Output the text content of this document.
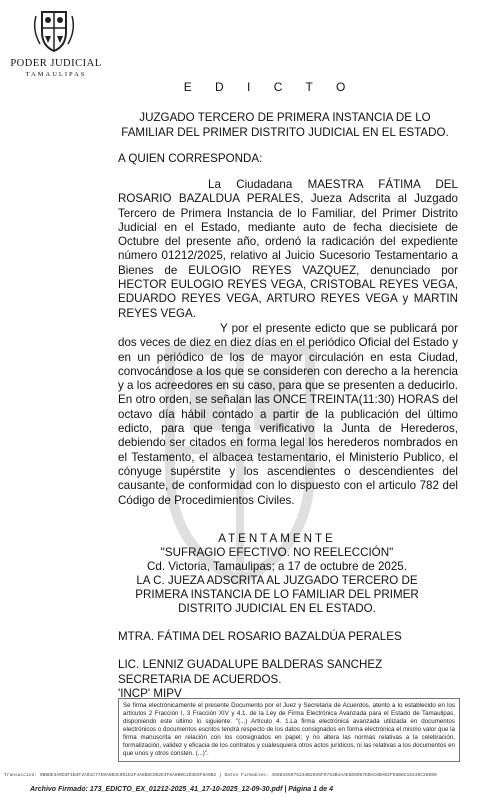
PODER JUDICIAL
TAMAULIPAS
E D I C T O
JUZGADO TERCERO DE PRIMERA INSTANCIA DE LO
FAMILIAR DEL PRIMER DISTRITO JUDICIAL EN EL ESTADO.
A QUIEN CORRESPONDA:
La Ciudadana MAESTRA FÁTIMA DEL ROSARIO BAZALDUA PERALES, Jueza Adscrita al Juzgado Tercero de Primera Instancia de lo Familiar, del Primer Distrito Judicial en el Estado, mediante auto de fecha diecisiete de Octubre del presente año, ordenó la radicación del expediente número 01212/2025, relativo al Juicio Sucesorio Testamentario a Bienes de EULOGIO REYES VAZQUEZ, denunciado por HECTOR EULOGIO REYES VEGA, CRISTOBAL REYES VEGA, EDUARDO REYES VEGA, ARTURO REYES VEGA y MARTIN REYES VEGA.
Y por el presente edicto que se publicará por dos veces de diez en diez días en el periódico Oficial del Estado y en un periódico de los de mayor circulación en esta Ciudad, convocándose a los que se consideren con derecho a la herencia y a los acreedores en su caso, para que se presenten a deducirlo. En otro orden, se señalan las ONCE TREINTA(11:30) HORAS del octavo día hábil contado a partir de la publicación del último edicto, para que tenga verificativo la Junta de Herederos, debiendo ser citados en forma legal los herederos nombrados en el Testamento, el albacea testamentario, el Ministerio Publico, el cónyuge supérstite y los ascendientes o descendientes del causante, de conformidad con lo dispuesto con el articulo 782 del Código de Procedimientos Civiles.
ATENTAMENTE
"SUFRAGIO EFECTIVO. NO REELECCIÓN"
Cd. Victoria, Tamaulipas; a 17 de octubre de 2025.
LA C. JUEZA ADSCRITA AL JUZGADO TERCERO DE
PRIMERA INSTANCIA DE LO FAMILIAR DEL PRIMER
DISTRITO JUDICIAL EN EL ESTADO.
MTRA. FÁTIMA DEL ROSARIO BAZALDÚA PERALES
LIC. LENNIZ GUADALUPE BALDERAS SANCHEZ
SECRETARIA DE ACUERDOS.
'INCP' MIPV
Se firma electrónicamente el presente Documento por el Juez y Secretaria de Acuerdos, atento a lo establecido en los artículos 2 Fracción I, 3 Fracción XIV y 4.1. de la Ley de Firma Electrónica Avanzada para el Estado de Tamaulipas, disponiendo este último lo siguiente: "(...) Artículo 4. 1.La firma electrónica avanzada utilizada en documentos electrónicos o documentos escritos tendrá respecto de los datos consignados en forma electrónica el mismo valor que la firma manuscrita en relación con los consignados en papel; y no altera las normas relativas a la celebración, formalización, validez y eficacia de los contratos y cualesquiera otros actos jurídicos, ni las relativas a los documentos en que unos y otros consten. (...)".
Transacción: 9B8DE3A0D3F1B4F2A91C77E0A5B3C9D1E2F4A6B8C0D2E4F6A8B0C2D4E6F8A0B2 | Datos Firmables: 4568446976234B2035F9783B4AAE5D0067EBAC6BA02FE8B6C15436C28850
Archivo Firmado: 173_EDICTO_EX_01212-2025_41_17-10-2025_12-09-30.pdf | Página 1 de 4
